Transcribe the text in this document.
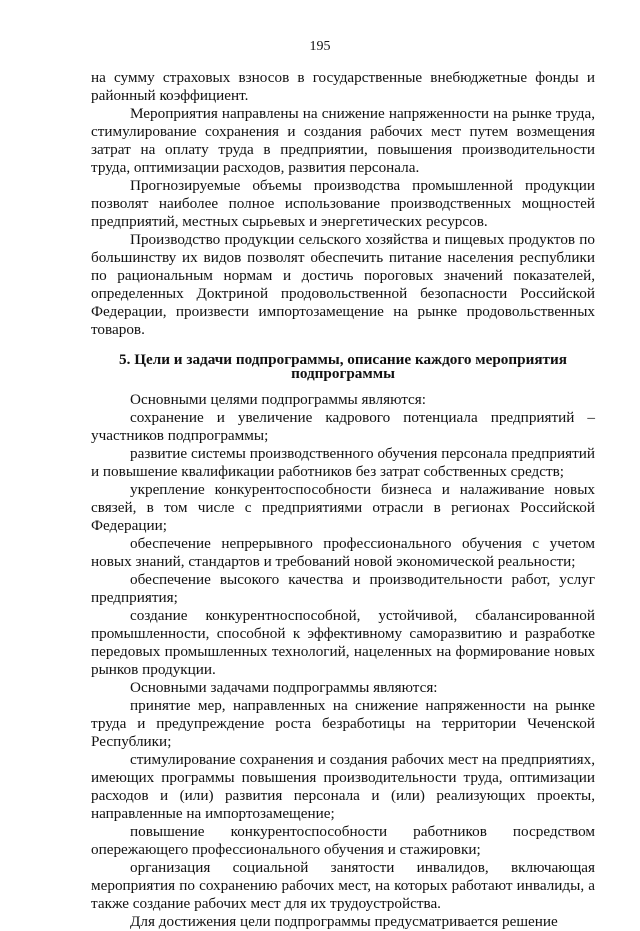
195

на сумму страховых взносов в государственные внебюджетные фонды и районный коэффициент.

Мероприятия направлены на снижение напряженности на рынке труда, стимулирование сохранения и создания рабочих мест путем возмещения затрат на оплату труда в предприятии, повышения производительности труда, оптимизации расходов, развития персонала.

Прогнозируемые объемы производства промышленной продукции позволят наиболее полное использование производственных мощностей предприятий, местных сырьевых и энергетических ресурсов.

Производство продукции сельского хозяйства и пищевых продуктов по большинству их видов позволят обеспечить питание населения республики по рациональным нормам и достичь пороговых значений показателей, определенных Доктриной продовольственной безопасности Российской Федерации, произвести импортозамещение на рынке продовольственных товаров.

5. Цели и задачи подпрограммы, описание каждого мероприятия
подпрограммы

Основными целями подпрограммы являются:

сохранение и увеличение кадрового потенциала предприятий – участников подпрограммы;

развитие системы производственного обучения персонала предприятий и повышение квалификации работников без затрат собственных средств;

укрепление конкурентоспособности бизнеса и налаживание новых связей, в том числе с предприятиями отрасли в регионах Российской Федерации;

обеспечение непрерывного профессионального обучения с учетом новых знаний, стандартов и требований новой экономической реальности;

обеспечение высокого качества и производительности работ, услуг предприятия;

создание конкурентноспособной, устойчивой, сбалансированной промышленности, способной к эффективному саморазвитию и разработке передовых промышленных технологий, нацеленных на формирование новых рынков продукции.

Основными задачами подпрограммы являются:

принятие мер, направленных на снижение напряженности на рынке труда и предупреждение роста безработицы на территории Чеченской Республики;

стимулирование сохранения и создания рабочих мест на предприятиях, имеющих программы повышения производительности труда, оптимизации расходов и (или) развития персонала и (или) реализующих проекты, направленные на импортозамещение;

повышение конкурентоспособности работников посредством опережающего профессионального обучения и стажировки;

организация социальной занятости инвалидов, включающая мероприятия по сохранению рабочих мест, на которых работают инвалиды, а также создание рабочих мест для их трудоустройства.

Для достижения цели подпрограммы предусматривается решение
